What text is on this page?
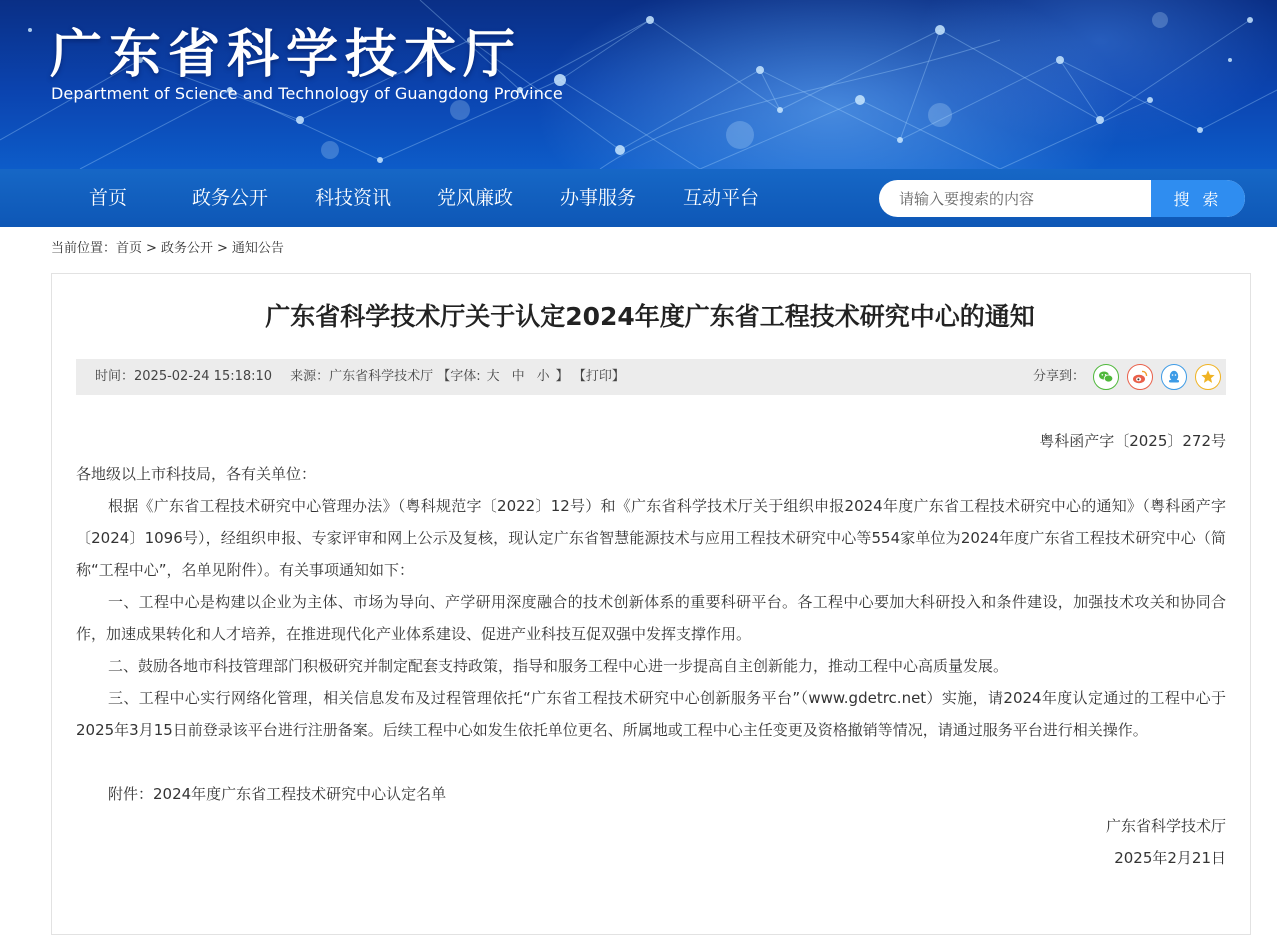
广东省科学技术厅
Department of Science and Technology of Guangdong Province
首页	政务公开 科技资讯 党风廉政 办事服务 互动平台
请输入要搜索的内容	搜 索
当前位置：首页 > 政务公开 > 通知公告
广东省科学技术厅关于认定2024年度广东省工程技术研究中心的通知
时间：2025-02-24 15:18:10 来源：广东省科学技术厅 【字体: 大 中 小 】 【打印】	分享到：
粤科函产字〔2025〕272号

各地级以上市科技局，各有关单位：

根据《广东省工程技术研究中心管理办法》（粤科规范字〔2022〕12号）和《广东省科学技术厅关于组织申报2024年度广东省工程技术研究中心的通知》（粤科函产字〔2024〕1096号），经组织申报、专家评审和网上公示及复核，现认定广东省智慧能源技术与应用工程技术研究中心等554家单位为2024年度广东省工程技术研究中心（简称“工程中心”，名单见附件）。有关事项通知如下：

一、工程中心是构建以企业为主体、市场为导向、产学研用深度融合的技术创新体系的重要科研平台。各工程中心要加大科研投入和条件建设，加强技术攻关和协同合作，加速成果转化和人才培养，在推进现代化产业体系建设、促进产业科技互促双强中发挥支撑作用。

二、鼓励各地市科技管理部门积极研究并制定配套支持政策，指导和服务工程中心进一步提高自主创新能力，推动工程中心高质量发展。

三、工程中心实行网络化管理，相关信息发布及过程管理依托“广东省工程技术研究中心创新服务平台”（www.gdetrc.net）实施，请2024年度认定通过的工程中心于2025年3月15日前登录该平台进行注册备案。后续工程中心如发生依托单位更名、所属地或工程中心主任变更及资格撤销等情况，请通过服务平台进行相关操作。

附件：2024年度广东省工程技术研究中心认定名单

广东省科学技术厅

2025年2月21日
